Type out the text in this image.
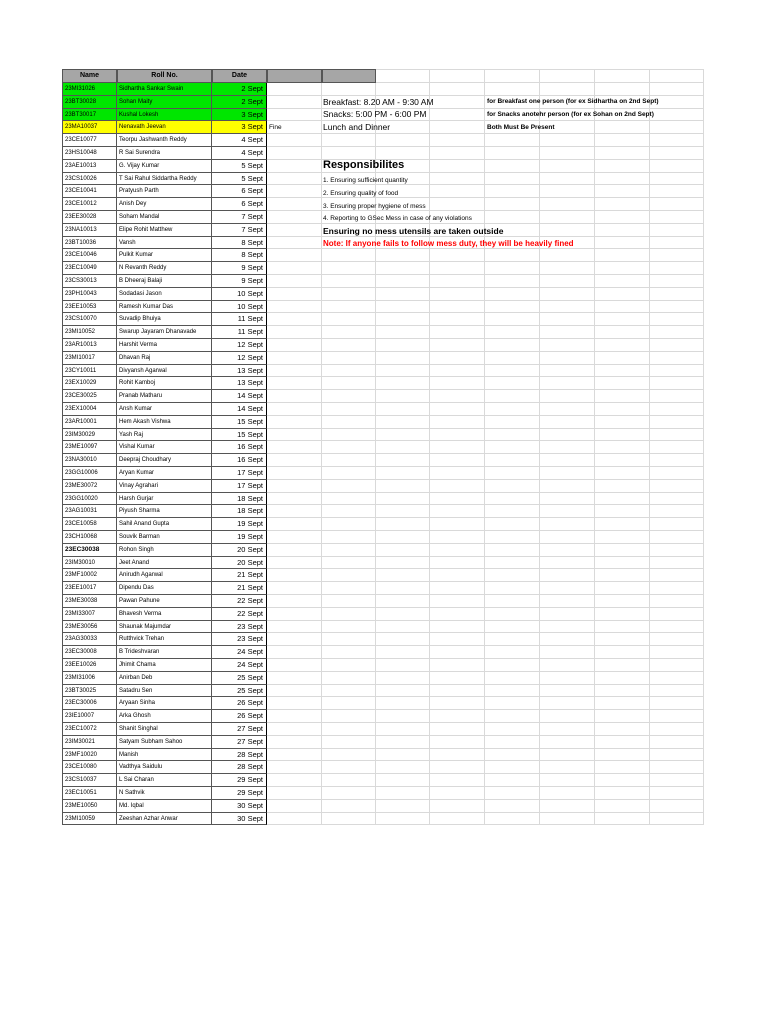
Name	Roll No.	Date
23MI31026	Sidhartha Sankar Swain	2 Sept
23BT30028	Sohan Maity	2 Sept
23BT30017	Kushal Lokesh	3 Sept
23MA10037	Nenavath Jeevan	3 Sept
23CE10077	Teorpu Jashwanth Reddy	4 Sept
23HS10048	R Sai Surendra	4 Sept
23AE10013	G. Vijay Kumar	5 Sept
23CS10026	T Sai Rahul Siddartha Reddy	5 Sept
23CE10041	Pratyush Parth	6 Sept
23CE10012	Anish Dey	6 Sept
23EE30028	Soham Mandal	7 Sept
23NA10013	Elipe Rohit Matthew	7 Sept
23BT10036	Vansh	8 Sept
23CE10046	Pulkit Kumar	8 Sept
23EC10049	N Revanth Reddy	9 Sept
23CS30013	B Dheeraj Balaji	9 Sept
23PH10043	Sodadasi Jason	10 Sept
23EE10053	Ramesh Kumar Das	10 Sept
23CS10070	Suvadip Bhuiya	11 Sept
23MI10052	Swarup Jayaram Dhanavade	11 Sept
23AR10013	Harshit Verma	12 Sept
23MI10017	Dhavan Raj	12 Sept
23CY10011	Divyansh Agarwal	13 Sept
23EX10029	Rohit Kamboj	13 Sept
23CE30025	Pranab Matharu	14 Sept
23EX10004	Ansh Kumar	14 Sept
23AR10001	Hem Akash Vishwa	15 Sept
23IM30029	Yash Raj	15 Sept
23ME10097	Vishal Kumar	16 Sept
23NA30010	Deepraj Choudhary	16 Sept
23GG10006	Aryan Kumar	17 Sept
23ME30072	Vinay Agrahari	17 Sept
23GG10020	Harsh Gurjar	18 Sept
23AG10031	Piyush Sharma	18 Sept
23CE10058	Sahil Anand Gupta	19 Sept
23CH10068	Souvik Barman	19 Sept
23EC30038	Rohon Singh	20 Sept
23IM30010	Jeet Anand	20 Sept
23MF10002	Anirudh Agarwal	21 Sept
23EE10017	Dipendu Das	21 Sept
23ME30038	Pawan Pahune	22 Sept
23MI33007	Bhavesh Verma	22 Sept
23ME30056	Shaunak Majumdar	23 Sept
23AG30033	Rutthvick Trehan	23 Sept
23EC30008	B Trideshvaran	24 Sept
23EE10026	Jhimit Chama	24 Sept
23MI31006	Anirban Deb	25 Sept
23BT30025	Satadru Sen	25 Sept
23EC30006	Aryaan Sinha	26 Sept
23IE10007	Arka Ghosh	26 Sept
23EC10072	Shanit Singhal	27 Sept
23IM30021	Satyam Subham Sahoo	27 Sept
23MF10020	Manish	28 Sept
23CE10080	Vadthya Saidulu	28 Sept
23CS10037	L Sai Charan	29 Sept
23EC10051	N Sathvik	29 Sept
23ME10050	Md. Iqbal	30 Sept
23MI10059	Zeeshan Azhar Anwar	30 Sept
Fine
Breakfast: 8.20 AM - 9:30 AM	for Breakfast one person (for ex Sidhartha on 2nd Sept)
Snacks: 5:00 PM - 6:00 PM	for Snacks anotehr person (for ex Sohan on 2nd Sept)
Lunch and Dinner	Both Must Be Present
Responsibilites
1. Ensuring sufficient quantity
2. Ensuring quality of food
3. Ensuring proper hygiene of mess
4. Reporting to GSec Mess in case of any violations
Ensuring no mess utensils are taken outside
Note: If anyone fails to follow mess duty, they will be heavily fined
